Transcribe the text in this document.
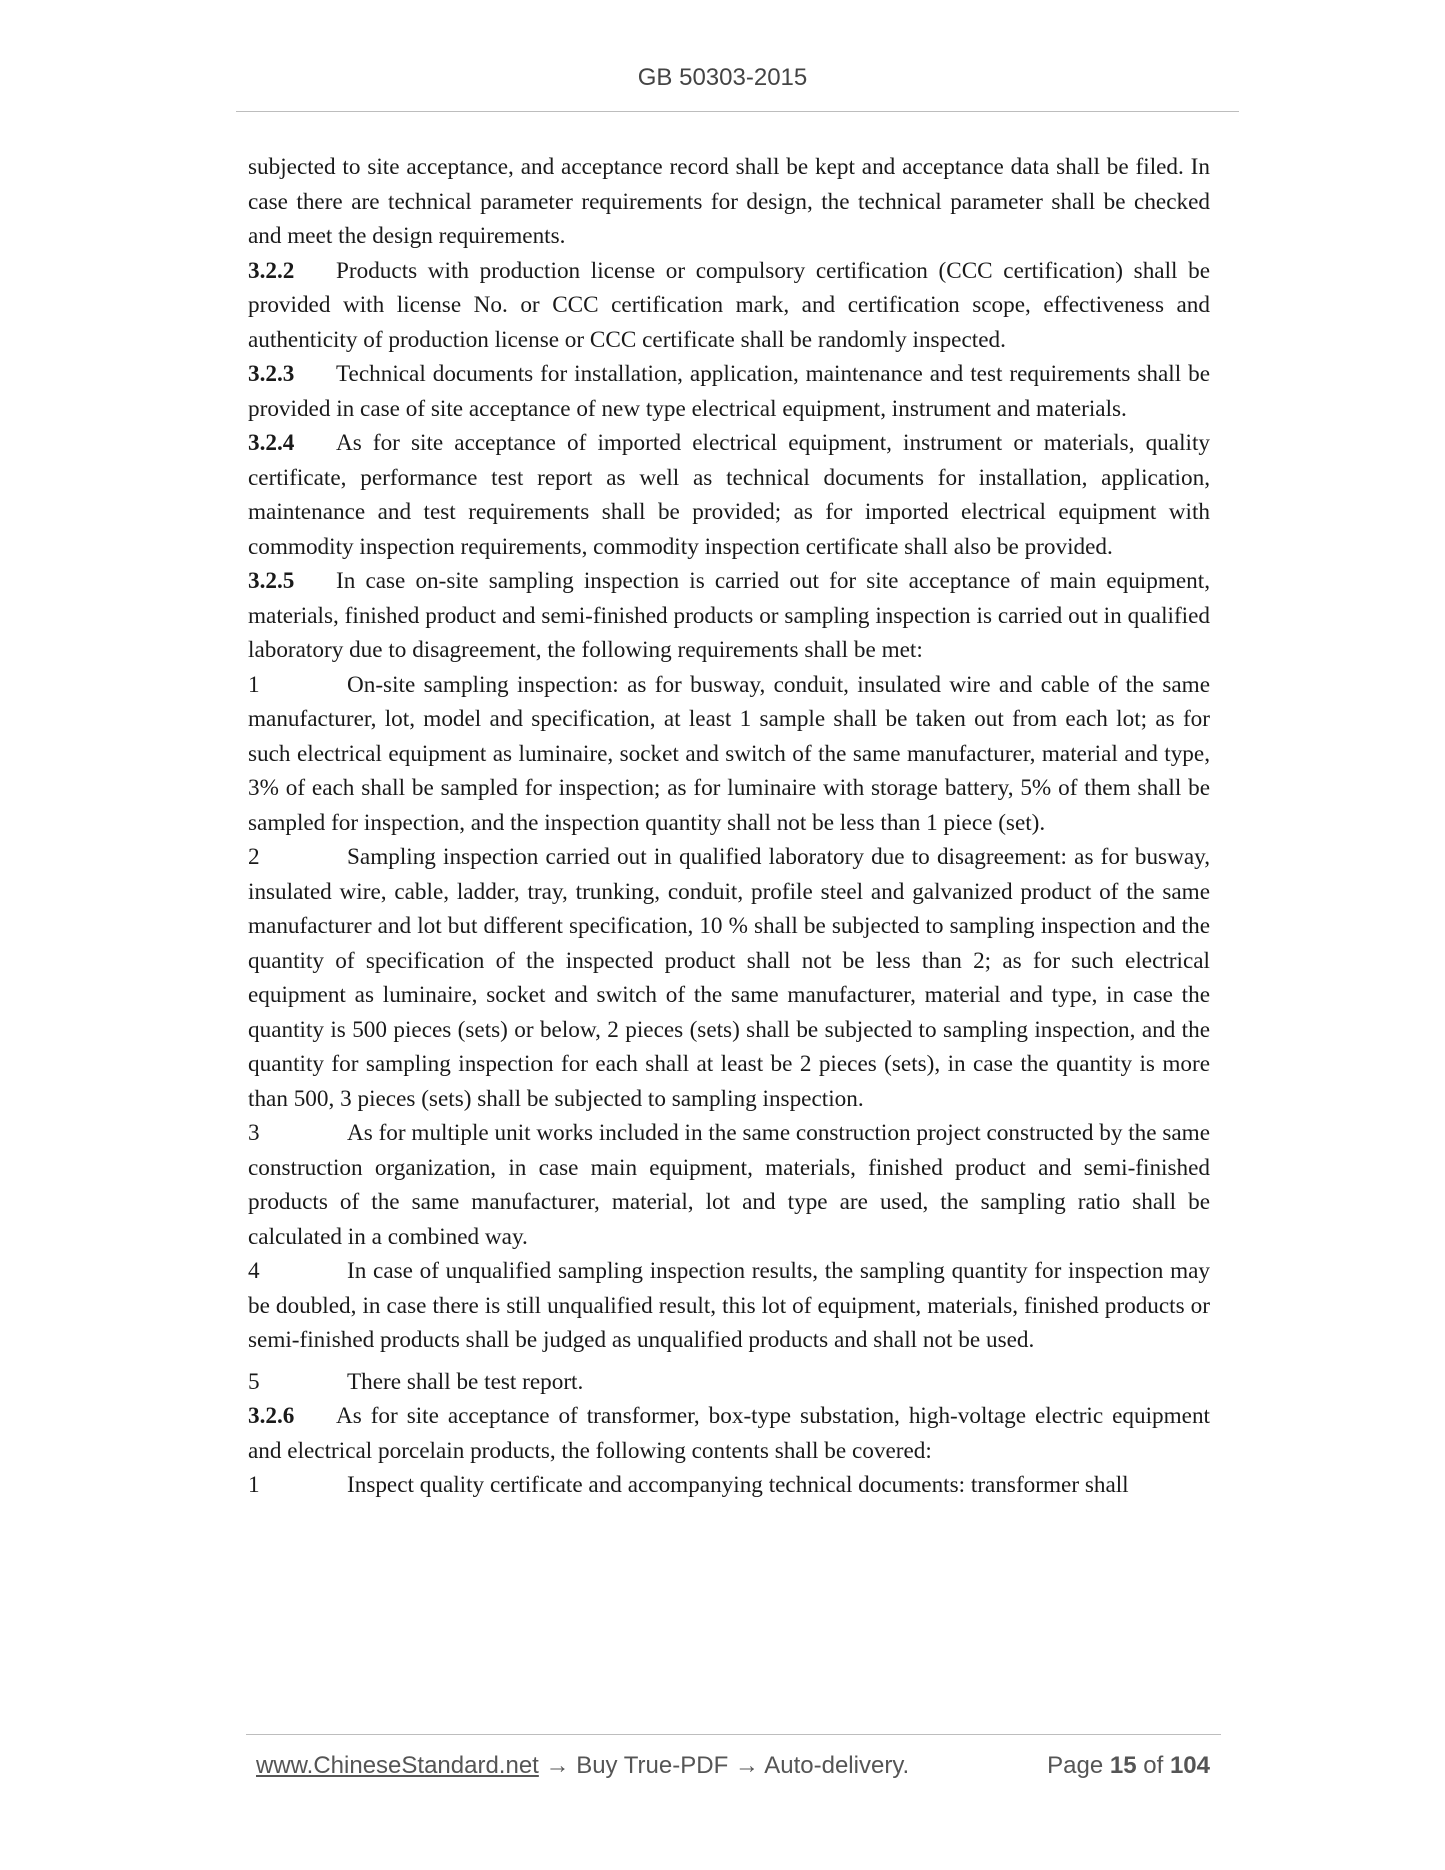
GB 50303-2015

subjected to site acceptance, and acceptance record shall be kept and acceptance data shall be filed. In case there are technical parameter requirements for design, the technical parameter shall be checked and meet the design requirements.

3.2.2 Products with production license or compulsory certification (CCC certification) shall be provided with license No. or CCC certification mark, and certification scope, effectiveness and authenticity of production license or CCC certificate shall be randomly inspected.

3.2.3 Technical documents for installation, application, maintenance and test requirements shall be provided in case of site acceptance of new type electrical equipment, instrument and materials.

3.2.4 As for site acceptance of imported electrical equipment, instrument or materials, quality certificate, performance test report as well as technical documents for installation, application, maintenance and test requirements shall be provided; as for imported electrical equipment with commodity inspection requirements, commodity inspection certificate shall also be provided.

3.2.5 In case on-site sampling inspection is carried out for site acceptance of main equipment, materials, finished product and semi-finished products or sampling inspection is carried out in qualified laboratory due to disagreement, the following requirements shall be met:

1	On-site sampling inspection: as for busway, conduit, insulated wire and cable of the same manufacturer, lot, model and specification, at least 1 sample shall be taken out from each lot; as for such electrical equipment as luminaire, socket and switch of the same manufacturer, material and type, 3% of each shall be sampled for inspection; as for luminaire with storage battery, 5% of them shall be sampled for inspection, and the inspection quantity shall not be less than 1 piece (set).

2	Sampling inspection carried out in qualified laboratory due to disagreement: as for busway, insulated wire, cable, ladder, tray, trunking, conduit, profile steel and galvanized product of the same manufacturer and lot but different specification, 10 % shall be subjected to sampling inspection and the quantity of specification of the inspected product shall not be less than 2; as for such electrical equipment as luminaire, socket and switch of the same manufacturer, material and type, in case the quantity is 500 pieces (sets) or below, 2 pieces (sets) shall be subjected to sampling inspection, and the quantity for sampling inspection for each shall at least be 2 pieces (sets), in case the quantity is more than 500, 3 pieces (sets) shall be subjected to sampling inspection.

3	As for multiple unit works included in the same construction project constructed by the same construction organization, in case main equipment, materials, finished product and semi-finished products of the same manufacturer, material, lot and type are used, the sampling ratio shall be calculated in a combined way.

4	In case of unqualified sampling inspection results, the sampling quantity for inspection may be doubled, in case there is still unqualified result, this lot of equipment, materials, finished products or semi-finished products shall be judged as unqualified products and shall not be used.

5	There shall be test report.

3.2.6 As for site acceptance of transformer, box-type substation, high-voltage electric equipment and electrical porcelain products, the following contents shall be covered:

1	Inspect quality certificate and accompanying technical documents: transformer shall

www.ChineseStandard.net → Buy True-PDF → Auto-delivery.	Page 15 of 104
